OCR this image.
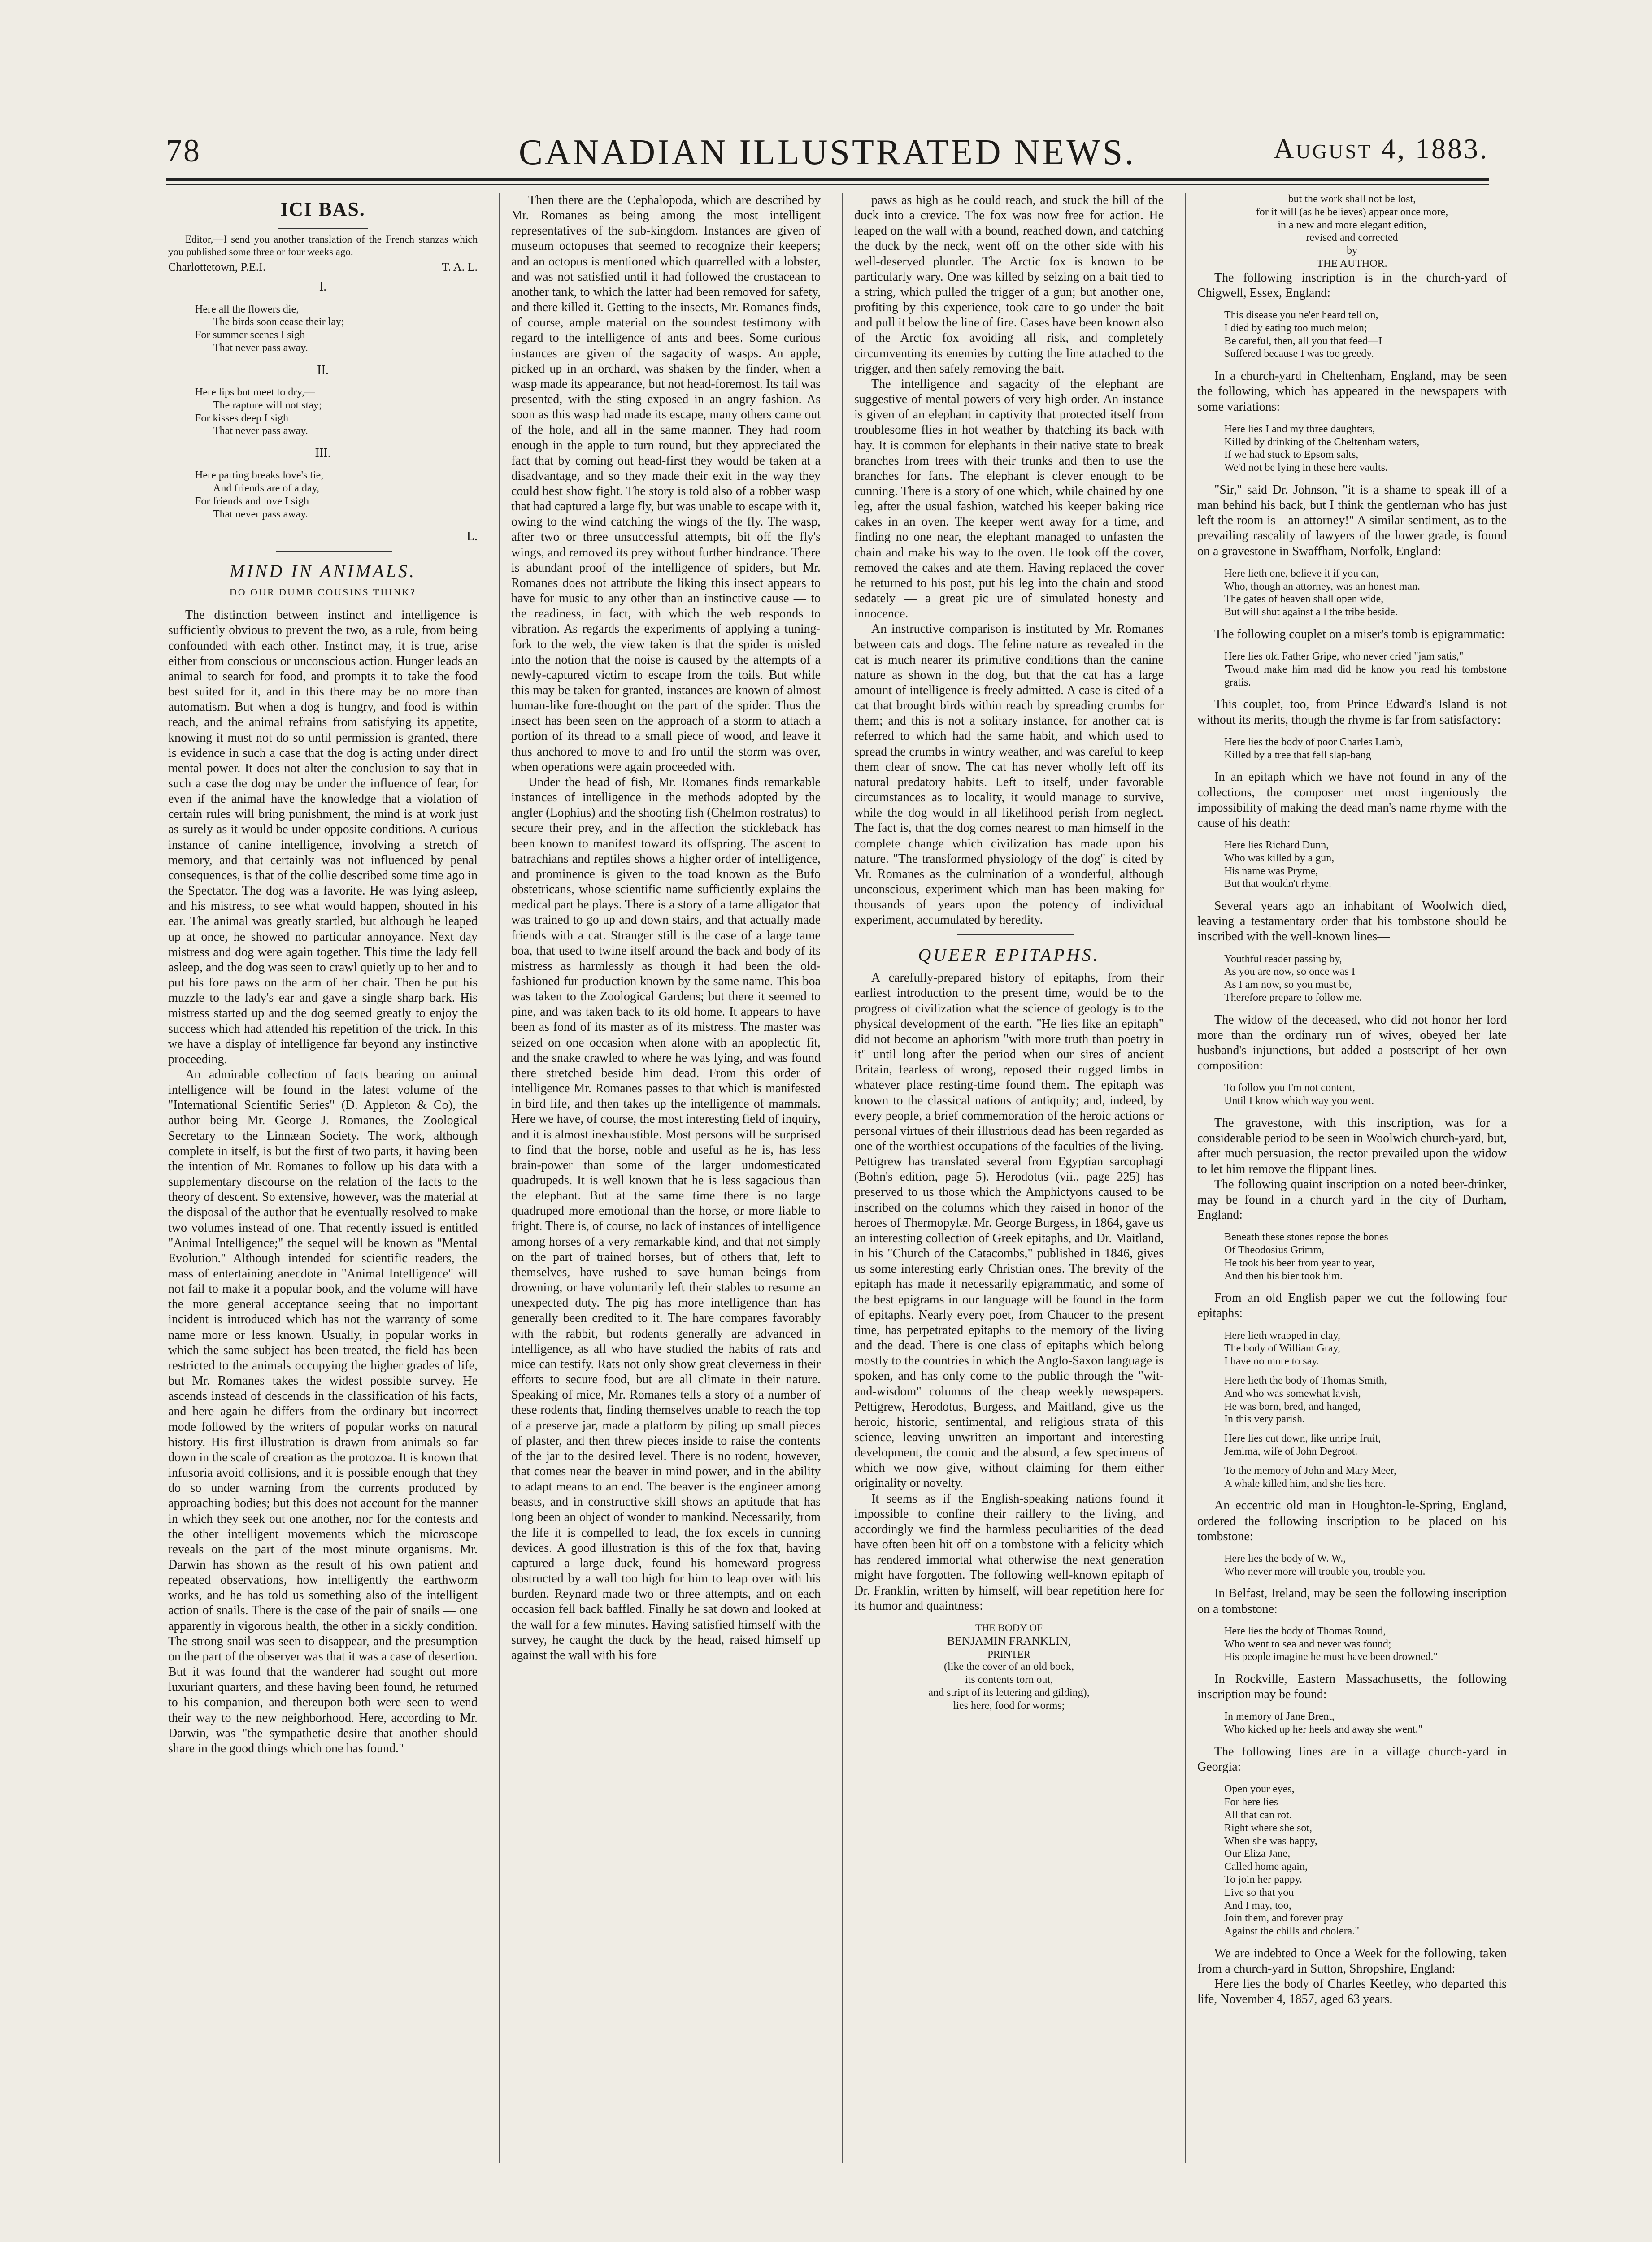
78	CANADIAN ILLUSTRATED NEWS.	August 4, 1883.
ICI BAS.

Editor,—I send you another translation of the French stanzas which you published some three or four weeks ago.

Charlottetown, P.E.I.	T. A. L.
I.
Here all the flowers die,
The birds soon cease their lay;
For summer scenes I sigh
That never pass away.
II.
Here lips but meet to dry,—
The rapture will not stay;
For kisses deep I sigh
That never pass away.
III.
Here parting breaks love's tie,
And friends are of a day,
For friends and love I sigh
That never pass away.
L.
MIND IN ANIMALS.
DO OUR DUMB COUSINS THINK?

The distinction between instinct and intelligence is sufficiently obvious to prevent the two, as a rule, from being confounded with each other. Instinct may, it is true, arise either from conscious or unconscious action. Hunger leads an animal to search for food, and prompts it to take the food best suited for it, and in this there may be no more than automatism. But when a dog is hungry, and food is within reach, and the animal refrains from satisfying its appetite, knowing it must not do so until permission is granted, there is evidence in such a case that the dog is acting under direct mental power. It does not alter the conclusion to say that in such a case the dog may be under the influence of fear, for even if the animal have the knowledge that a violation of certain rules will bring punishment, the mind is at work just as surely as it would be under opposite conditions. A curious instance of canine intelligence, involving a stretch of memory, and that certainly was not influenced by penal consequences, is that of the collie described some time ago in the Spectator. The dog was a favorite. He was lying asleep, and his mistress, to see what would happen, shouted in his ear. The animal was greatly startled, but although he leaped up at once, he showed no particular annoyance. Next day mistress and dog were again together. This time the lady fell asleep, and the dog was seen to crawl quietly up to her and to put his fore paws on the arm of her chair. Then he put his muzzle to the lady's ear and gave a single sharp bark. His mistress started up and the dog seemed greatly to enjoy the success which had attended his repetition of the trick. In this we have a display of intelligence far beyond any instinctive proceeding.

An admirable collection of facts bearing on animal intelligence will be found in the latest volume of the "International Scientific Series" (D. Appleton & Co), the author being Mr. George J. Romanes, the Zoological Secretary to the Linnæan Society. The work, although complete in itself, is but the first of two parts, it having been the intention of Mr. Romanes to follow up his data with a supplementary discourse on the relation of the facts to the theory of descent. So extensive, however, was the material at the disposal of the author that he eventually resolved to make two volumes instead of one. That recently issued is entitled "Animal Intelligence;" the sequel will be known as "Mental Evolution." Although intended for scientific readers, the mass of entertaining anecdote in "Animal Intelligence" will not fail to make it a popular book, and the volume will have the more general acceptance seeing that no important incident is introduced which has not the warranty of some name more or less known. Usually, in popular works in which the same subject has been treated, the field has been restricted to the animals occupying the higher grades of life, but Mr. Romanes takes the widest possible survey. He ascends instead of descends in the classification of his facts, and here again he differs from the ordinary but incorrect mode followed by the writers of popular works on natural history. His first illustration is drawn from animals so far down in the scale of creation as the protozoa. It is known that infusoria avoid collisions, and it is possible enough that they do so under warning from the currents produced by approaching bodies; but this does not account for the manner in which they seek out one another, nor for the contests and the other intelligent movements which the microscope reveals on the part of the most minute organisms. Mr. Darwin has shown as the result of his own patient and repeated observations, how intelligently the earthworm works, and he has told us something also of the intelligent action of snails. There is the case of the pair of snails — one apparently in vigorous health, the other in a sickly condition. The strong snail was seen to disappear, and the presumption on the part of the observer was that it was a case of desertion. But it was found that the wanderer had sought out more luxuriant quarters, and these having been found, he returned to his companion, and thereupon both were seen to wend their way to the new neighborhood. Here, according to Mr. Darwin, was "the sympathetic desire that another should share in the good things which one has found."

Then there are the Cephalopoda, which are described by Mr. Romanes as being among the most intelligent representatives of the sub-kingdom. Instances are given of museum octopuses that seemed to recognize their keepers; and an octopus is mentioned which quarrelled with a lobster, and was not satisfied until it had followed the crustacean to another tank, to which the latter had been removed for safety, and there killed it. Getting to the insects, Mr. Romanes finds, of course, ample material on the soundest testimony with regard to the intelligence of ants and bees. Some curious instances are given of the sagacity of wasps. An apple, picked up in an orchard, was shaken by the finder, when a wasp made its appearance, but not head-foremost. Its tail was presented, with the sting exposed in an angry fashion. As soon as this wasp had made its escape, many others came out of the hole, and all in the same manner. They had room enough in the apple to turn round, but they appreciated the fact that by coming out head-first they would be taken at a disadvantage, and so they made their exit in the way they could best show fight. The story is told also of a robber wasp that had captured a large fly, but was unable to escape with it, owing to the wind catching the wings of the fly. The wasp, after two or three unsuccessful attempts, bit off the fly's wings, and removed its prey without further hindrance. There is abundant proof of the intelligence of spiders, but Mr. Romanes does not attribute the liking this insect appears to have for music to any other than an instinctive cause — to the readiness, in fact, with which the web responds to vibration. As regards the experiments of applying a tuning-fork to the web, the view taken is that the spider is misled into the notion that the noise is caused by the attempts of a newly-captured victim to escape from the toils. But while this may be taken for granted, instances are known of almost human-like fore-thought on the part of the spider. Thus the insect has been seen on the approach of a storm to attach a portion of its thread to a small piece of wood, and leave it thus anchored to move to and fro until the storm was over, when operations were again proceeded with.

Under the head of fish, Mr. Romanes finds remarkable instances of intelligence in the methods adopted by the angler (Lophius) and the shooting fish (Chelmon rostratus) to secure their prey, and in the affection the stickleback has been known to manifest toward its offspring. The ascent to batrachians and reptiles shows a higher order of intelligence, and prominence is given to the toad known as the Bufo obstetricans, whose scientific name sufficiently explains the medical part he plays. There is a story of a tame alligator that was trained to go up and down stairs, and that actually made friends with a cat. Stranger still is the case of a large tame boa, that used to twine itself around the back and body of its mistress as harmlessly as though it had been the old-fashioned fur production known by the same name. This boa was taken to the Zoological Gardens; but there it seemed to pine, and was taken back to its old home. It appears to have been as fond of its master as of its mistress. The master was seized on one occasion when alone with an apoplectic fit, and the snake crawled to where he was lying, and was found there stretched beside him dead. From this order of intelligence Mr. Romanes passes to that which is manifested in bird life, and then takes up the intelligence of mammals. Here we have, of course, the most interesting field of inquiry, and it is almost inexhaustible. Most persons will be surprised to find that the horse, noble and useful as he is, has less brain-power than some of the larger undomesticated quadrupeds. It is well known that he is less sagacious than the elephant. But at the same time there is no large quadruped more emotional than the horse, or more liable to fright. There is, of course, no lack of instances of intelligence among horses of a very remarkable kind, and that not simply on the part of trained horses, but of others that, left to themselves, have rushed to save human beings from drowning, or have voluntarily left their stables to resume an unexpected duty. The pig has more intelligence than has generally been credited to it. The hare compares favorably with the rabbit, but rodents generally are advanced in intelligence, as all who have studied the habits of rats and mice can testify. Rats not only show great cleverness in their efforts to secure food, but are all climate in their nature. Speaking of mice, Mr. Romanes tells a story of a number of these rodents that, finding themselves unable to reach the top of a preserve jar, made a platform by piling up small pieces of plaster, and then threw pieces inside to raise the contents of the jar to the desired level. There is no rodent, however, that comes near the beaver in mind power, and in the ability to adapt means to an end. The beaver is the engineer among beasts, and in constructive skill shows an aptitude that has long been an object of wonder to mankind. Necessarily, from the life it is compelled to lead, the fox excels in cunning devices. A good illustration is this of the fox that, having captured a large duck, found his homeward progress obstructed by a wall too high for him to leap over with his burden. Reynard made two or three attempts, and on each occasion fell back baffled. Finally he sat down and looked at the wall for a few minutes. Having satisfied himself with the survey, he caught the duck by the head, raised himself up against the wall with his fore

paws as high as he could reach, and stuck the bill of the duck into a crevice. The fox was now free for action. He leaped on the wall with a bound, reached down, and catching the duck by the neck, went off on the other side with his well-deserved plunder. The Arctic fox is known to be particularly wary. One was killed by seizing on a bait tied to a string, which pulled the trigger of a gun; but another one, profiting by this experience, took care to go under the bait and pull it below the line of fire. Cases have been known also of the Arctic fox avoiding all risk, and completely circumventing its enemies by cutting the line attached to the trigger, and then safely removing the bait.

The intelligence and sagacity of the elephant are suggestive of mental powers of very high order. An instance is given of an elephant in captivity that protected itself from troublesome flies in hot weather by thatching its back with hay. It is common for elephants in their native state to break branches from trees with their trunks and then to use the branches for fans. The elephant is clever enough to be cunning. There is a story of one which, while chained by one leg, after the usual fashion, watched his keeper baking rice cakes in an oven. The keeper went away for a time, and finding no one near, the elephant managed to unfasten the chain and make his way to the oven. He took off the cover, removed the cakes and ate them. Having replaced the cover he returned to his post, put his leg into the chain and stood sedately — a great pic ure of simulated honesty and innocence.

An instructive comparison is instituted by Mr. Romanes between cats and dogs. The feline nature as revealed in the cat is much nearer its primitive conditions than the canine nature as shown in the dog, but that the cat has a large amount of intelligence is freely admitted. A case is cited of a cat that brought birds within reach by spreading crumbs for them; and this is not a solitary instance, for another cat is referred to which had the same habit, and which used to spread the crumbs in wintry weather, and was careful to keep them clear of snow. The cat has never wholly left off its natural predatory habits. Left to itself, under favorable circumstances as to locality, it would manage to survive, while the dog would in all likelihood perish from neglect. The fact is, that the dog comes nearest to man himself in the complete change which civilization has made upon his nature. "The transformed physiology of the dog" is cited by Mr. Romanes as the culmination of a wonderful, although unconscious, experiment which man has been making for thousands of years upon the potency of individual experiment, accumulated by heredity.

QUEER EPITAPHS.

A carefully-prepared history of epitaphs, from their earliest introduction to the present time, would be to the progress of civilization what the science of geology is to the physical development of the earth. "He lies like an epitaph" did not become an aphorism "with more truth than poetry in it" until long after the period when our sires of ancient Britain, fearless of wrong, reposed their rugged limbs in whatever place resting-time found them. The epitaph was known to the classical nations of antiquity; and, indeed, by every people, a brief commemoration of the heroic actions or personal virtues of their illustrious dead has been regarded as one of the worthiest occupations of the faculties of the living. Pettigrew has translated several from Egyptian sarcophagi (Bohn's edition, page 5). Herodotus (vii., page 225) has preserved to us those which the Amphictyons caused to be inscribed on the columns which they raised in honor of the heroes of Thermopylæ. Mr. George Burgess, in 1864, gave us an interesting collection of Greek epitaphs, and Dr. Maitland, in his "Church of the Catacombs," published in 1846, gives us some interesting early Christian ones. The brevity of the epitaph has made it necessarily epigrammatic, and some of the best epigrams in our language will be found in the form of epitaphs. Nearly every poet, from Chaucer to the present time, has perpetrated epitaphs to the memory of the living and the dead. There is one class of epitaphs which belong mostly to the countries in which the Anglo-Saxon language is spoken, and has only come to the public through the "wit-and-wisdom" columns of the cheap weekly newspapers. Pettigrew, Herodotus, Burgess, and Maitland, give us the heroic, historic, sentimental, and religious strata of this science, leaving unwritten an important and interesting development, the comic and the absurd, a few specimens of which we now give, without claiming for them either originality or novelty.

It seems as if the English-speaking nations found it impossible to confine their raillery to the living, and accordingly we find the harmless peculiarities of the dead have often been hit off on a tombstone with a felicity which has rendered immortal what otherwise the next generation might have forgotten. The following well-known epitaph of Dr. Franklin, written by himself, will bear repetition here for its humor and quaintness:

THE BODY OF
BENJAMIN FRANKLIN,
PRINTER
(like the cover of an old book,
its contents torn out,
and stript of its lettering and gilding),
lies here, food for worms;
but the work shall not be lost,
for it will (as he believes) appear once more,
in a new and more elegant edition,
revised and corrected
by
THE AUTHOR.

The following inscription is in the church-yard of Chigwell, Essex, England:

This disease you ne'er heard tell on,
I died by eating too much melon;
Be careful, then, all you that feed—I
Suffered because I was too greedy.

In a church-yard in Cheltenham, England, may be seen the following, which has appeared in the newspapers with some variations:

Here lies I and my three daughters,
Killed by drinking of the Cheltenham waters,
If we had stuck to Epsom salts,
We'd not be lying in these here vaults.

"Sir," said Dr. Johnson, "it is a shame to speak ill of a man behind his back, but I think the gentleman who has just left the room is—an attorney!" A similar sentiment, as to the prevailing rascality of lawyers of the lower grade, is found on a gravestone in Swaffham, Norfolk, England:

Here lieth one, believe it if you can,
Who, though an attorney, was an honest man.
The gates of heaven shall open wide,
But will shut against all the tribe beside.

The following couplet on a miser's tomb is epigrammatic:

Here lies old Father Gripe, who never cried "jam satis,"
'Twould make him mad did he know you read his tombstone gratis.

This couplet, too, from Prince Edward's Island is not without its merits, though the rhyme is far from satisfactory:

Here lies the body of poor Charles Lamb,
Killed by a tree that fell slap-bang

In an epitaph which we have not found in any of the collections, the composer met most ingeniously the impossibility of making the dead man's name rhyme with the cause of his death:

Here lies Richard Dunn,
Who was killed by a gun,
His name was Pryme,
But that wouldn't rhyme.

Several years ago an inhabitant of Woolwich died, leaving a testamentary order that his tombstone should be inscribed with the well-known lines—

Youthful reader passing by,
As you are now, so once was I
As I am now, so you must be,
Therefore prepare to follow me.

The widow of the deceased, who did not honor her lord more than the ordinary run of wives, obeyed her late husband's injunctions, but added a postscript of her own composition:

To follow you I'm not content,
Until I know which way you went.

The gravestone, with this inscription, was for a considerable period to be seen in Woolwich church-yard, but, after much persuasion, the rector prevailed upon the widow to let him remove the flippant lines.

The following quaint inscription on a noted beer-drinker, may be found in a church yard in the city of Durham, England:

Beneath these stones repose the bones
Of Theodosius Grimm,
He took his beer from year to year,
And then his bier took him.

From an old English paper we cut the following four epitaphs:

Here lieth wrapped in clay,
The body of William Gray,
I have no more to say.
Here lieth the body of Thomas Smith,
And who was somewhat lavish,
He was born, bred, and hanged,
In this very parish.
Here lies cut down, like unripe fruit,
Jemima, wife of John Degroot.
To the memory of John and Mary Meer,
A whale killed him, and she lies here.

An eccentric old man in Houghton-le-Spring, England, ordered the following inscription to be placed on his tombstone:

Here lies the body of W. W.,
Who never more will trouble you, trouble you.

In Belfast, Ireland, may be seen the following inscription on a tombstone:

Here lies the body of Thomas Round,
Who went to sea and never was found;
His people imagine he must have been drowned."

In Rockville, Eastern Massachusetts, the following inscription may be found:

In memory of Jane Brent,
Who kicked up her heels and away she went."

The following lines are in a village church-yard in Georgia:

Open your eyes,
For here lies
All that can rot.
Right where she sot,
When she was happy,
Our Eliza Jane,
Called home again,
To join her pappy.
Live so that you
And I may, too,
Join them, and forever pray
Against the chills and cholera."

We are indebted to Once a Week for the following, taken from a church-yard in Sutton, Shropshire, England:

Here lies the body of Charles Keetley, who departed this life, November 4, 1857, aged 63 years.
